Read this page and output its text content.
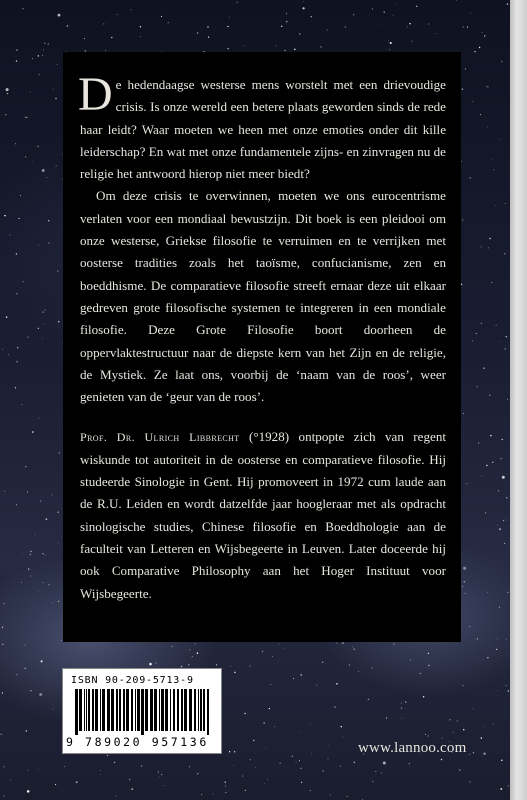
De hedendaagse westerse mens worstelt met een drievoudige crisis. Is onze wereld een betere plaats geworden sinds de rede haar leidt? Waar moeten we heen met onze emoties onder dit kille leiderschap? En wat met onze fundamentele zijns- en zinvragen nu de religie het antwoord hierop niet meer biedt?

Om deze crisis te overwinnen, moeten we ons eurocentrisme verlaten voor een mondiaal bewustzijn. Dit boek is een pleidooi om onze westerse, Griekse filosofie te verruimen en te verrijken met oosterse tradities zoals het taoïsme, confucianisme, zen en boeddhisme. De comparatieve filosofie streeft ernaar deze uit elkaar gedreven grote filosofische systemen te integreren in een mondiale filosofie. Deze Grote Filosofie boort doorheen de oppervlaktestructuur naar de diepste kern van het Zijn en de religie, de Mystiek. Ze laat ons, voorbij de ‘naam van de roos’, weer genieten van de ‘geur van de roos’.

Prof. Dr. Ulrich Libbrecht (°1928) ontpopte zich van regent wiskunde tot autoriteit in de oosterse en comparatieve filosofie. Hij studeerde Sinologie in Gent. Hij promoveert in 1972 cum laude aan de R.U. Leiden en wordt datzelfde jaar hoogleraar met als opdracht sinologische studies, Chinese filosofie en Boeddhologie aan de faculteit van Letteren en Wijsbegeerte in Leuven. Later doceerde hij ook Comparative Philosophy aan het Hoger Instituut voor Wijsbegeerte.

ISBN 90-209-5713-9
9 789020 957136	www.lannoo.com
